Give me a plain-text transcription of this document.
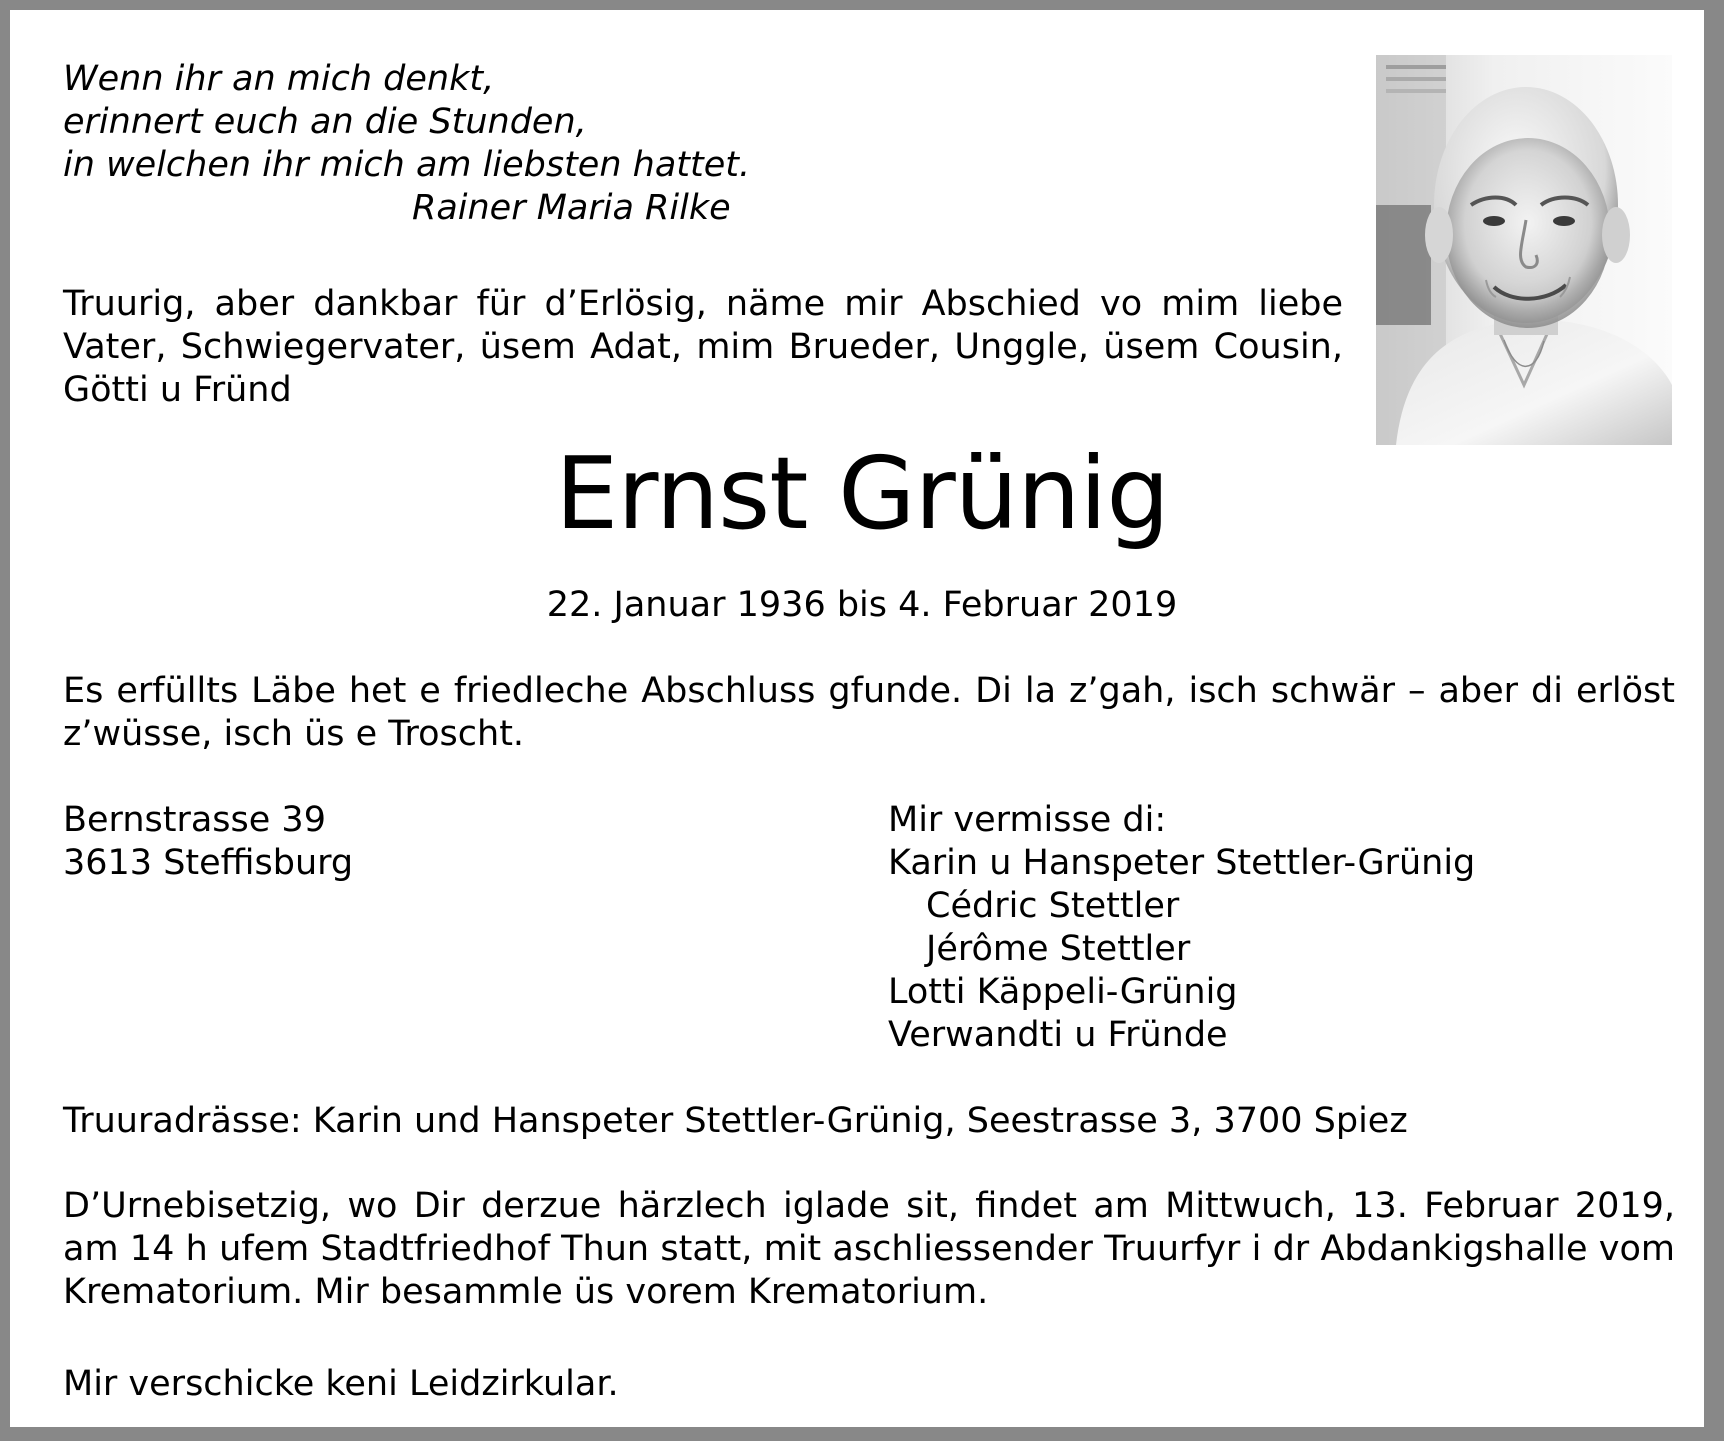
Wenn ihr an mich denkt,
erinnert euch an die Stunden,
in welchen ihr mich am liebsten hattet.
Rainer Maria Rilke

Truurig, aber dankbar für d’Erlösig, näme mir Abschied vo mim liebe Vater, Schwiegervater, üsem Adat, mim Brueder, Unggle, üsem Cousin, Götti u Fründ

Ernst Grünig

22. Januar 1936 bis 4. Februar 2019

Es erfüllts Läbe het e friedleche Abschluss gfunde. Di la z’gah, isch schwär – aber di erlöst z’wüsse, isch üs e Troscht.

Bernstrasse 39
3613 Steffisburg
Mir vermisse di:
Karin u Hanspeter Stettler-Grünig
Cédric Stettler
Jérôme Stettler
Lotti Käppeli-Grünig
Verwandti u Fründe

Truuradrässe: Karin und Hanspeter Stettler-Grünig, Seestrasse 3, 3700 Spiez

D’Urnebisetzig, wo Dir derzue härzlech iglade sit, findet am Mittwuch, 13. Februar 2019, am 14 h ufem Stadtfriedhof Thun statt, mit aschliessender Truurfyr i dr Abdankigshalle vom Krematorium. Mir besammle üs vorem Krematorium.

Mir verschicke keni Leidzirkular.
